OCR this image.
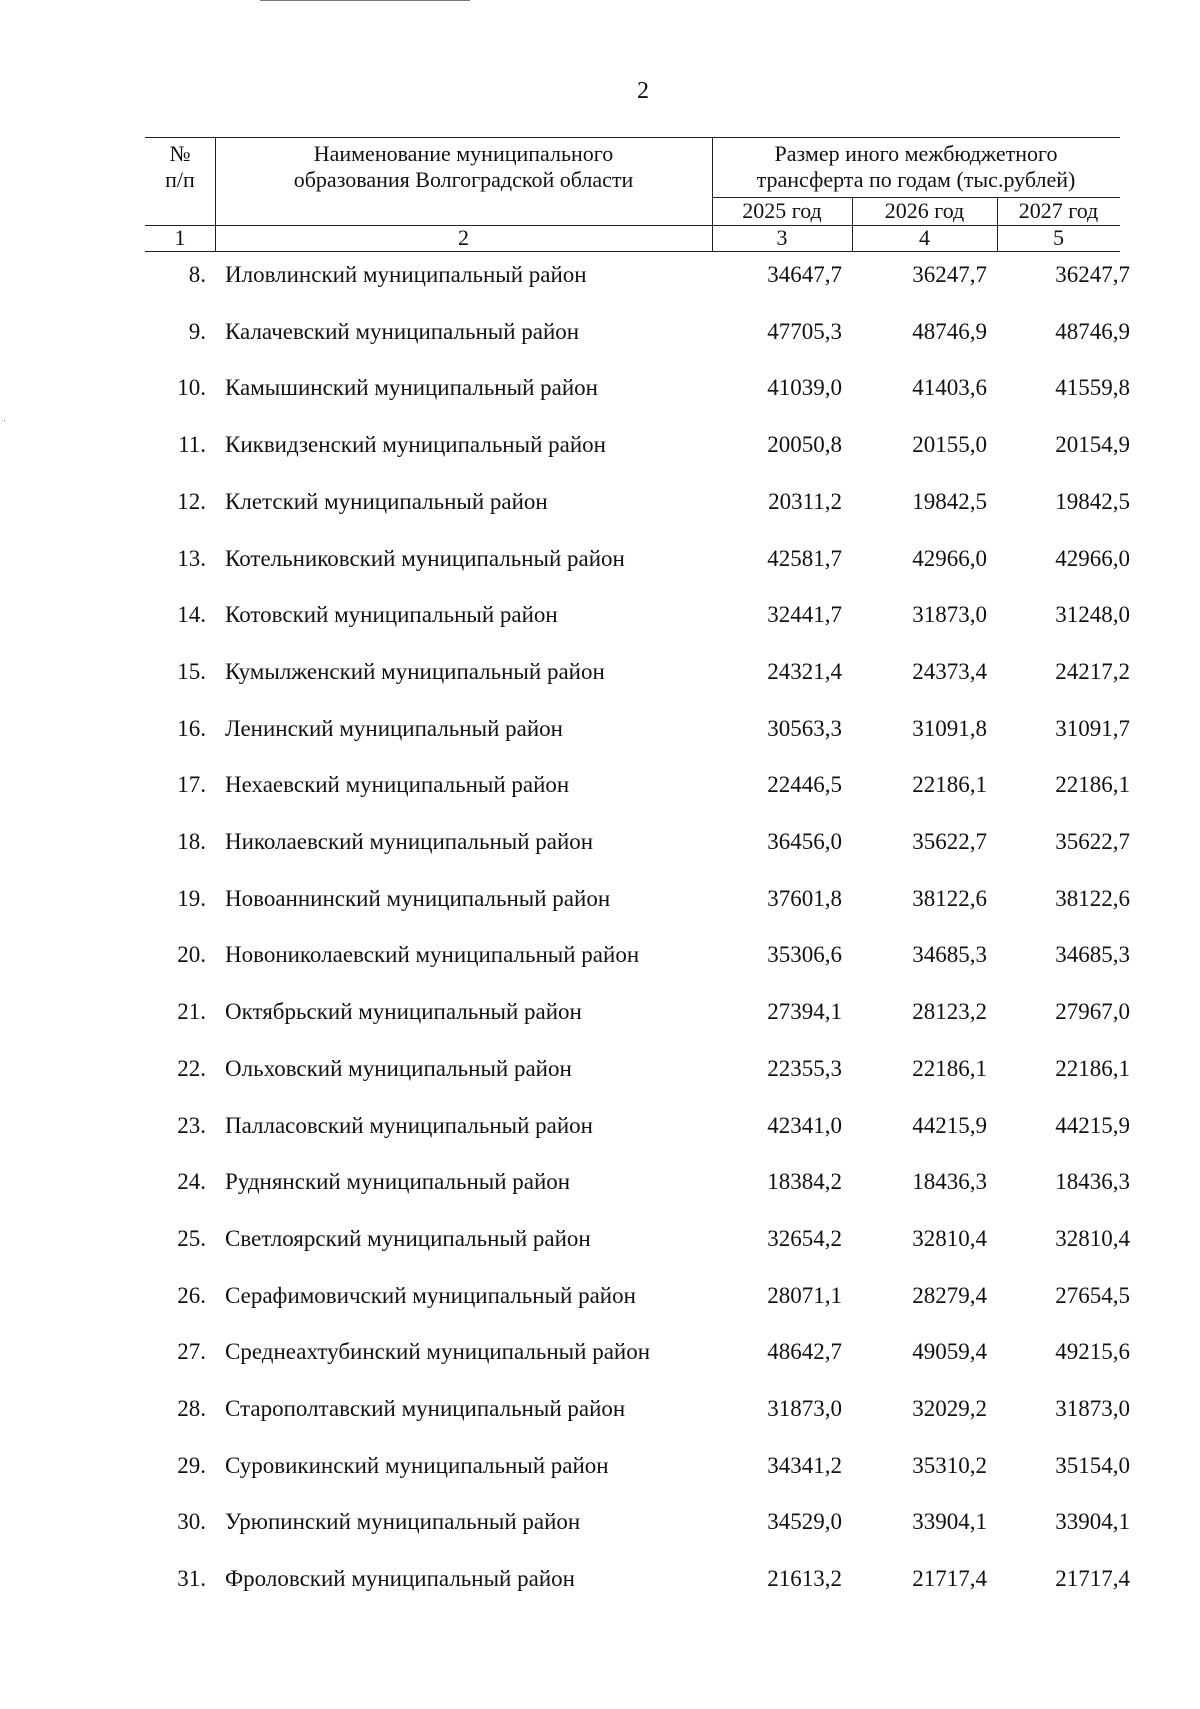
2
№
п/п
Наименование муниципального
образования Волгоградской области
Размер иного межбюджетного
трансферта по годам (тыс.рублей)
2025 год	2026 год	2027 год
1	2	3	4	5
8. Иловлинский муниципальный район	34647,7	36247,7	36247,7
9. Калачевский муниципальный район	47705,3	48746,9	48746,9
10. Камышинский муниципальный район	41039,0	41403,6	41559,8
11. Киквидзенский муниципальный район	20050,8	20155,0	20154,9
12. Клетский муниципальный район	20311,2	19842,5	19842,5
13. Котельниковский муниципальный район	42581,7	42966,0	42966,0
14. Котовский муниципальный район	32441,7	31873,0	31248,0
15. Кумылженский муниципальный район	24321,4	24373,4	24217,2
16. Ленинский муниципальный район	30563,3	31091,8	31091,7
17. Нехаевский муниципальный район	22446,5	22186,1	22186,1
18. Николаевский муниципальный район	36456,0	35622,7	35622,7
19. Новоаннинский муниципальный район	37601,8	38122,6	38122,6
20. Новониколаевский муниципальный район	35306,6	34685,3	34685,3
21. Октябрьский муниципальный район	27394,1	28123,2	27967,0
22. Ольховский муниципальный район	22355,3	22186,1	22186,1
23. Палласовский муниципальный район	42341,0	44215,9	44215,9
24. Руднянский муниципальный район	18384,2	18436,3	18436,3
25. Светлоярский муниципальный район	32654,2	32810,4	32810,4
26. Серафимовичский муниципальный район	28071,1	28279,4	27654,5
27. Среднеахтубинский муниципальный район	48642,7	49059,4	49215,6
28. Старополтавский муниципальный район	31873,0	32029,2	31873,0
29. Суровикинский муниципальный район	34341,2	35310,2	35154,0
30. Урюпинский муниципальный район	34529,0	33904,1	33904,1
31. Фроловский муниципальный район	21613,2	21717,4	21717,4
